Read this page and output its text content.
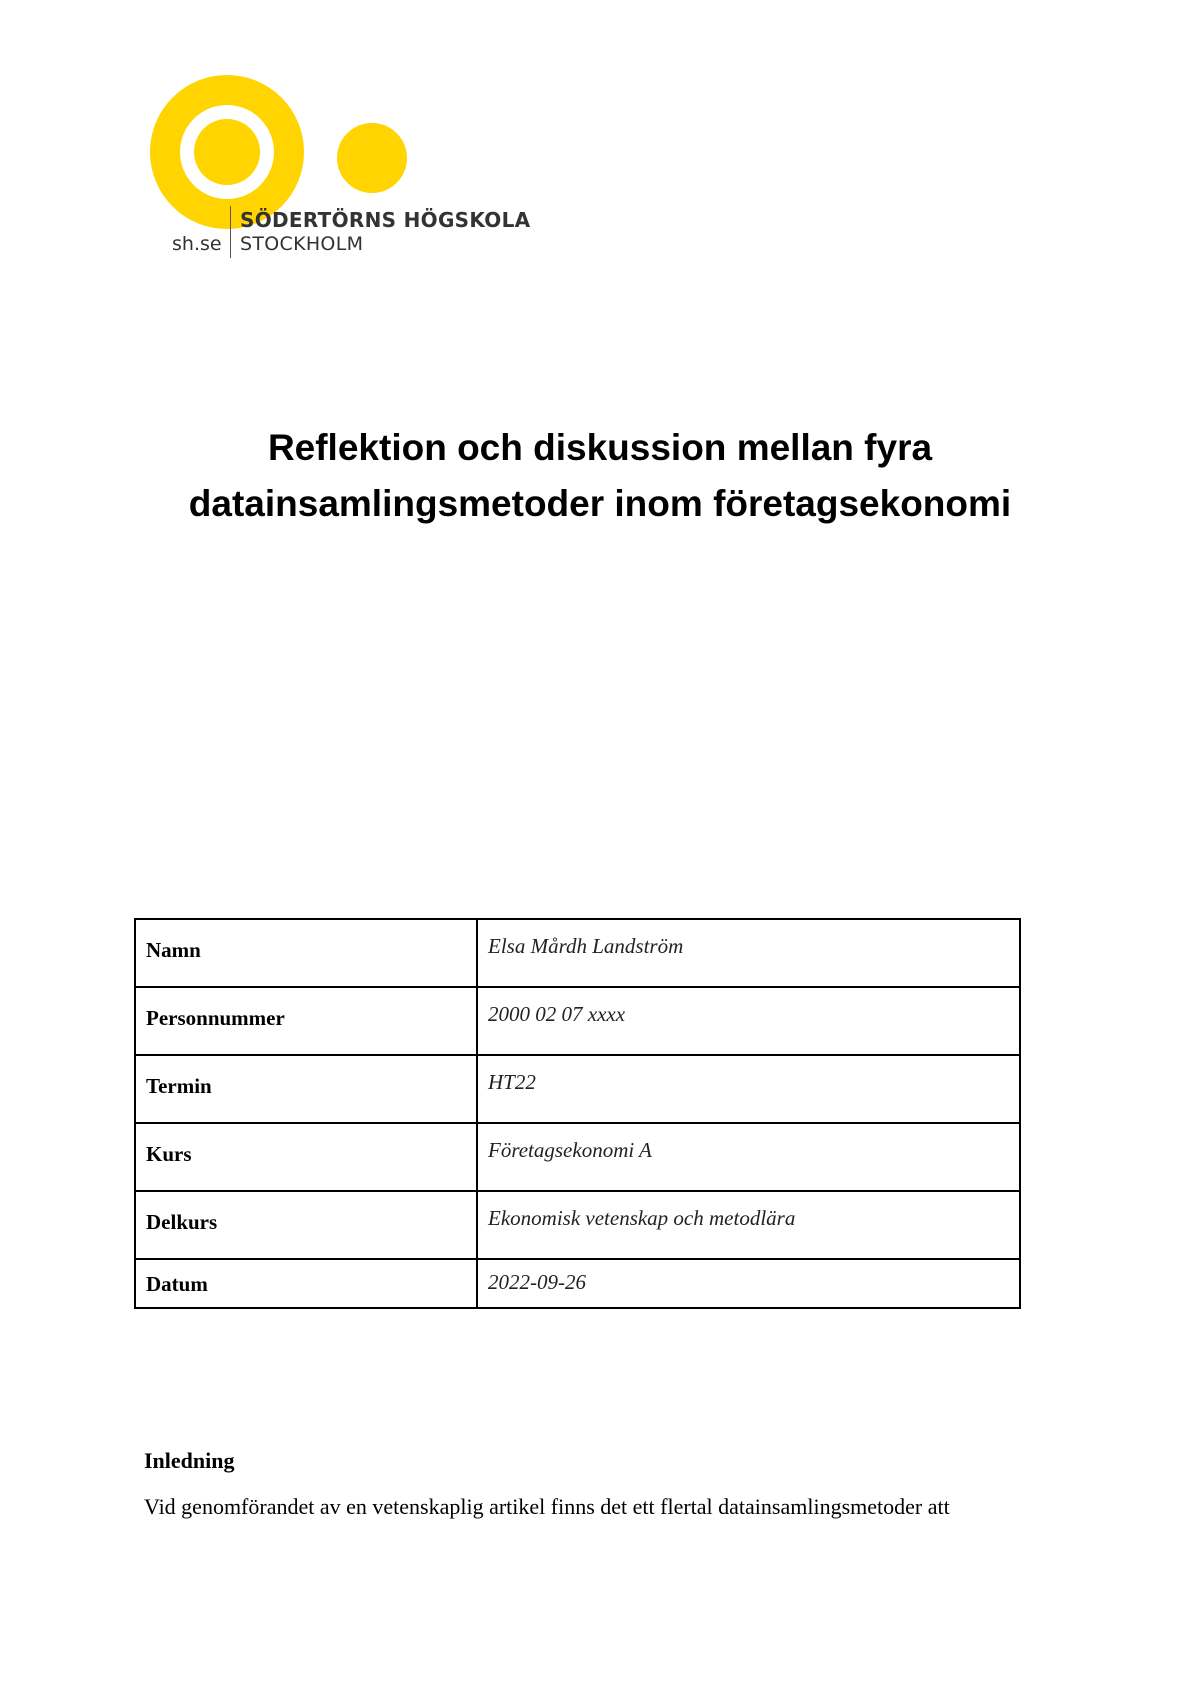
SÖDERTÖRNS HÖGSKOLA
STOCKHOLM
sh.se
Reflektion och diskussion mellan fyra
datainsamlingsmetoder inom företagsekonomi
Namn	Elsa Mårdh Landström
Personnummer	2000 02 07 xxxx
Termin	HT22
Kurs	Företagsekonomi A
Delkurs	Ekonomisk vetenskap och metodlära
Datum	2022-09-26
Inledning

Vid genomförandet av en vetenskaplig artikel finns det ett flertal datainsamlingsmetoder att
